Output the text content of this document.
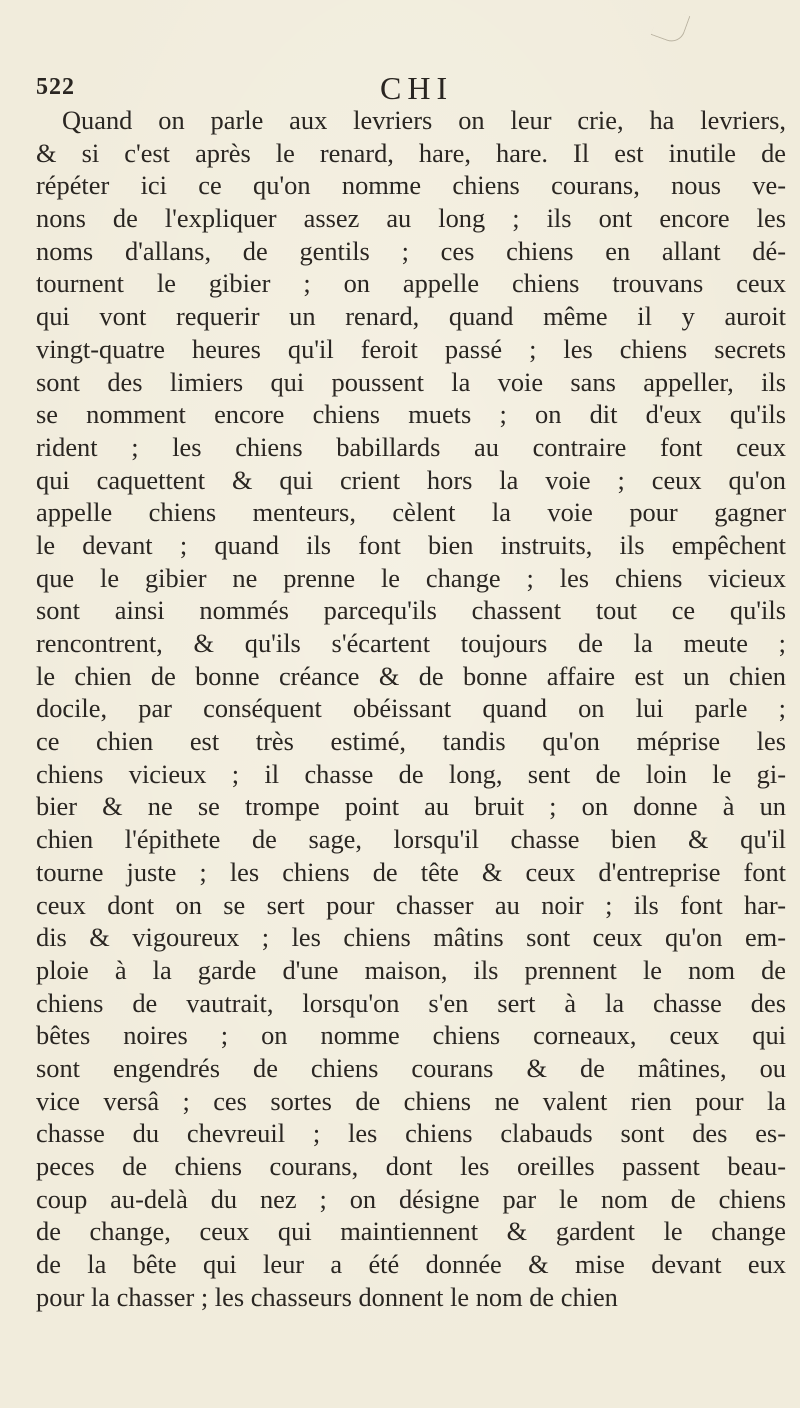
522	CHI
Quand on parle aux levriers on leur crie, ha levriers,
& si c'est après le renard, hare, hare. Il est inutile de
répéter ici ce qu'on nomme chiens courans, nous ve-
nons de l'expliquer assez au long ; ils ont encore les
noms d'allans, de gentils ; ces chiens en allant dé-
tournent le gibier ; on appelle chiens trouvans ceux
qui vont requerir un renard, quand même il y auroit
vingt-quatre heures qu'il feroit passé ; les chiens secrets
sont des limiers qui poussent la voie sans appeller, ils
se nomment encore chiens muets ; on dit d'eux qu'ils
rident ; les chiens babillards au contraire font ceux
qui caquettent & qui crient hors la voie ; ceux qu'on
appelle chiens menteurs, cèlent la voie pour gagner
le devant ; quand ils font bien instruits, ils empêchent
que le gibier ne prenne le change ; les chiens vicieux
sont ainsi nommés parcequ'ils chassent tout ce qu'ils
rencontrent, & qu'ils s'écartent toujours de la meute ;
le chien de bonne créance & de bonne affaire est un chien
docile, par conséquent obéissant quand on lui parle ;
ce chien est très estimé, tandis qu'on méprise les
chiens vicieux ; il chasse de long, sent de loin le gi-
bier & ne se trompe point au bruit ; on donne à un
chien l'épithete de sage, lorsqu'il chasse bien & qu'il
tourne juste ; les chiens de tête & ceux d'entreprise font
ceux dont on se sert pour chasser au noir ; ils font har-
dis & vigoureux ; les chiens mâtins sont ceux qu'on em-
ploie à la garde d'une maison, ils prennent le nom de
chiens de vautrait, lorsqu'on s'en sert à la chasse des
bêtes noires ; on nomme chiens corneaux, ceux qui
sont engendrés de chiens courans & de mâtines, ou
vice versâ ; ces sortes de chiens ne valent rien pour la
chasse du chevreuil ; les chiens clabauds sont des es-
peces de chiens courans, dont les oreilles passent beau-
coup au-delà du nez ; on désigne par le nom de chiens
de change, ceux qui maintiennent & gardent le change
de la bête qui leur a été donnée & mise devant eux
pour la chasser ; les chasseurs donnent le nom de chien
